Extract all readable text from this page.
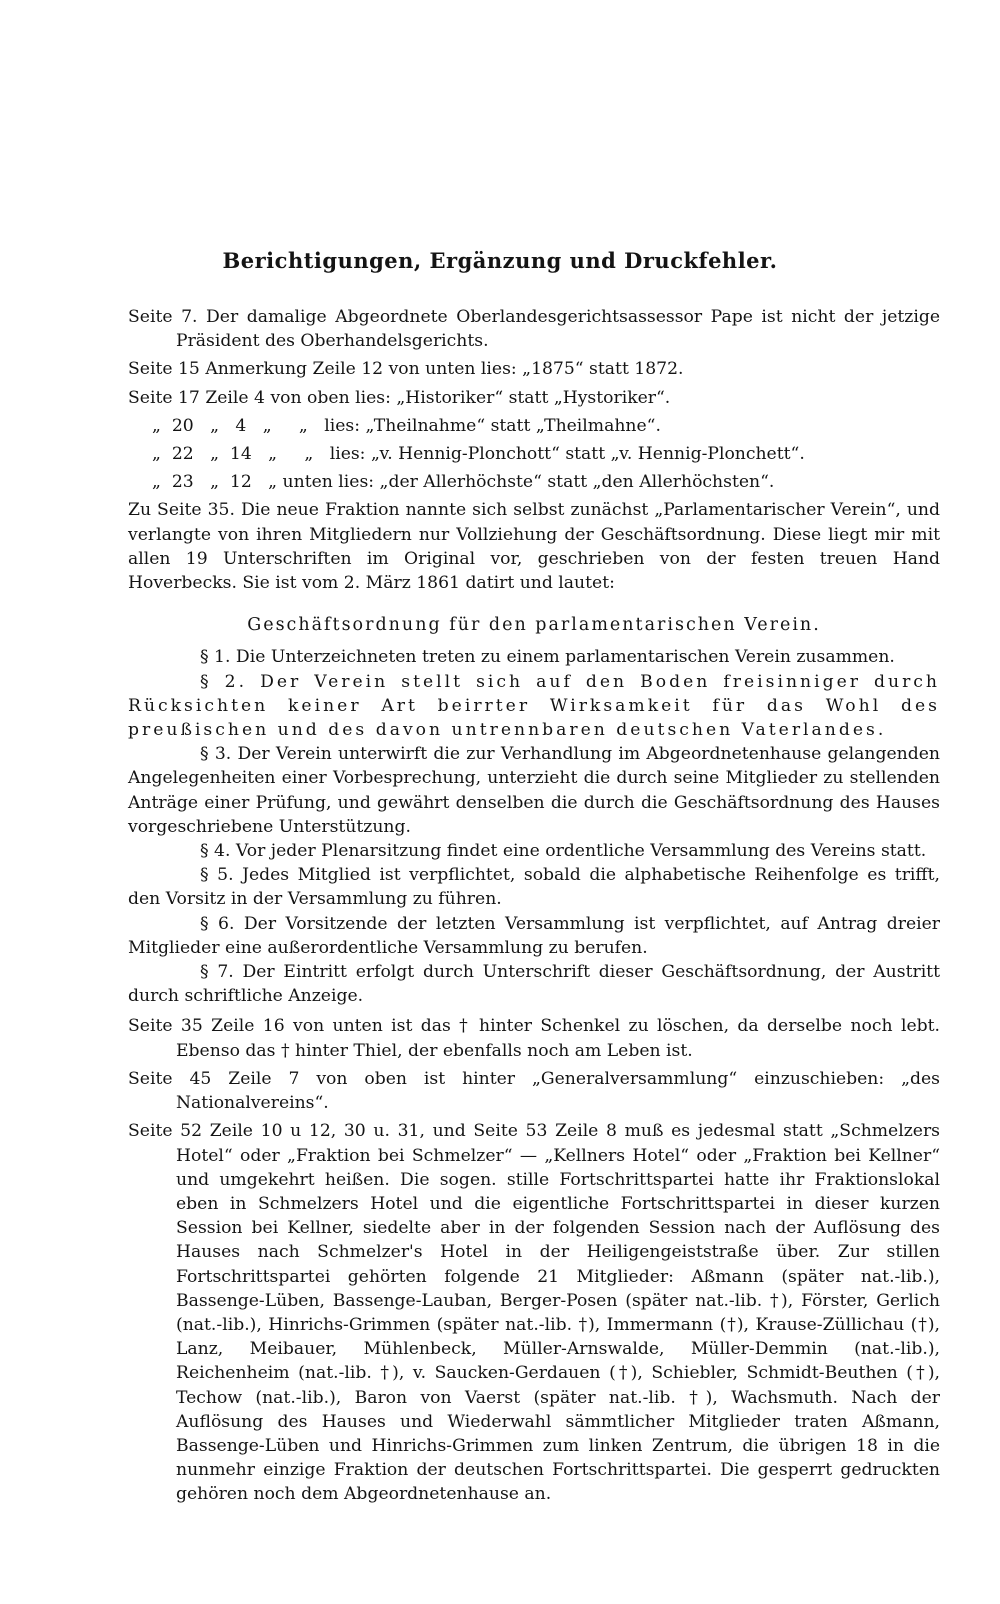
Berichtigungen, Ergänzung und Druckfehler.

Seite 7. Der damalige Abgeordnete Oberlandesgerichtsassessor Pape ist nicht der jetzige Präsident des Oberhandelsgerichts.

Seite 15 Anmerkung Zeile 12 von unten lies: „1875“ statt 1872.

Seite 17 Zeile 4 von oben lies: „Historiker“ statt „Hystoriker“.

„  20   „   4   „     „   lies: „Theilnahme“ statt „Theilmahne“.

„  22   „  14   „     „   lies: „v. Hennig-Plonchott“ statt „v. Hennig-Plonchett“.

„  23   „  12   „ unten lies: „der Allerhöchste“ statt „den Allerhöchsten“.

Zu Seite 35. Die neue Fraktion nannte sich selbst zunächst „Parlamentarischer Verein“, und verlangte von ihren Mitgliedern nur Vollziehung der Geschäftsordnung. Diese liegt mir mit allen 19 Unterschriften im Original vor, geschrieben von der festen treuen Hand Hoverbecks. Sie ist vom 2. März 1861 datirt und lautet:

Geschäftsordnung für den parlamentarischen Verein.

§ 1. Die Unterzeichneten treten zu einem parlamentarischen Verein zusammen.

§ 2. Der Verein stellt sich auf den Boden freisinniger durch Rücksichten keiner Art beirrter Wirksamkeit für das Wohl des preußischen und des davon untrennbaren deutschen Vaterlandes.

§ 3. Der Verein unterwirft die zur Verhandlung im Abgeordnetenhause gelangenden Angelegenheiten einer Vorbesprechung, unterzieht die durch seine Mitglieder zu stellenden Anträge einer Prüfung, und gewährt denselben die durch die Geschäftsordnung des Hauses vorgeschriebene Unterstützung.

§ 4. Vor jeder Plenarsitzung findet eine ordentliche Versammlung des Vereins statt.

§ 5. Jedes Mitglied ist verpflichtet, sobald die alphabetische Reihenfolge es trifft, den Vorsitz in der Versammlung zu führen.

§ 6. Der Vorsitzende der letzten Versammlung ist verpflichtet, auf Antrag dreier Mitglieder eine außerordentliche Versammlung zu berufen.

§ 7. Der Eintritt erfolgt durch Unterschrift dieser Geschäftsordnung, der Austritt durch schriftliche Anzeige.

Seite 35 Zeile 16 von unten ist das † hinter Schenkel zu löschen, da derselbe noch lebt. Ebenso das † hinter Thiel, der ebenfalls noch am Leben ist.

Seite 45 Zeile 7 von oben ist hinter „Generalversammlung“ einzuschieben: „des Nationalvereins“.

Seite 52 Zeile 10 u 12, 30 u. 31, und Seite 53 Zeile 8 muß es jedesmal statt „Schmelzers Hotel“ oder „Fraktion bei Schmelzer“ — „Kellners Hotel“ oder „Fraktion bei Kellner“ und umgekehrt heißen. Die sogen. stille Fortschrittspartei hatte ihr Fraktionslokal eben in Schmelzers Hotel und die eigentliche Fortschrittspartei in dieser kurzen Session bei Kellner, siedelte aber in der folgenden Session nach der Auflösung des Hauses nach Schmelzer's Hotel in der Heiligengeiststraße über. Zur stillen Fortschrittspartei gehörten folgende 21 Mitglieder: Aßmann (später nat.-lib.), Bassenge-Lüben, Bassenge-Lauban, Berger-Posen (später nat.-lib. †), Förster, Gerlich (nat.-lib.), Hinrichs-Grimmen (später nat.-lib. †), Immermann (†), Krause-Züllichau (†), Lanz, Meibauer, Mühlenbeck, Müller-Arnswalde, Müller-Demmin (nat.-lib.), Reichenheim (nat.-lib. †), v. Saucken-Gerdauen (†), Schiebler, Schmidt-Beuthen (†), Techow (nat.-lib.), Baron von Vaerst (später nat.-lib. †), Wachsmuth. Nach der Auflösung des Hauses und Wiederwahl sämmtlicher Mitglieder traten Aßmann, Bassenge-Lüben und Hinrichs-Grimmen zum linken Zentrum, die übrigen 18 in die nunmehr einzige Fraktion der deutschen Fortschrittspartei. Die gesperrt gedruckten gehören noch dem Abgeordnetenhause an.
